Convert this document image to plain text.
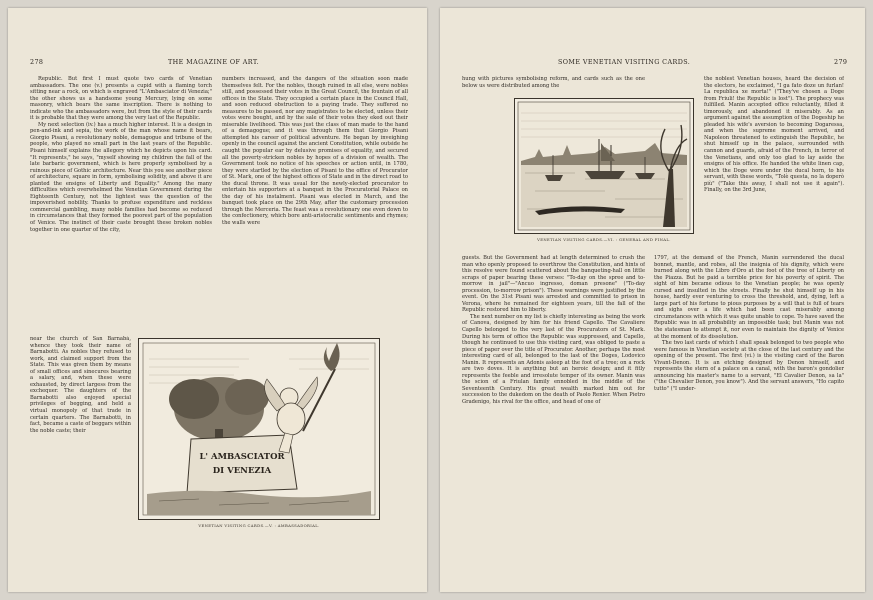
278	THE MAGAZINE OF ART.

Republic. But first I must quote two cards of Venetian ambassadors. The one (v.) presents a cupid with a flaming torch sitting near a rock, on which is engraved "L'Ambasciator di Venezia;" the other shows us a handsome young Mercury, lying on some masonry, which bears the same inscription. There is nothing to indicate who the ambassadors were, but from the style of their cards it is probable that they were among the very last of the Republic.

My next selection (iv.) has a much higher interest. It is a design in pen-and-ink and sepia, the work of the man whose name it bears, Giorgio Pisani, a revolutionary noble, demagogue and tribune of the people, who played no small part in the last years of the Republic. Pisani himself explains the allegory which he depicts upon his card. "It represents," he says, "myself showing my children the fall of the late barbaric government, which is here properly symbolised by a ruinous piece of Gothic architecture. Near this you see another piece of architecture, square in form, symbolising solidity, and above it are planted the ensigns of Liberty and Equality." Among the many difficulties which overwhelmed the Venetian Government during the Eighteenth Century, not the lightest was the question of the impoverished nobility. Thanks to profuse expenditure and reckless commercial gambling, many noble families had become so reduced in circumstances that they formed the poorest part of the population of Venice. The instinct of their caste brought these broken nobles together in one quarter of the city,

near the church of San Barnabà, whence they took their name of Barnabotti. As nobles they refused to work, and claimed support from the State. This was given them by means of small offices and sinecures bearing a salary, and, when these were exhausted, by direct largess from the exchequer. The daughters of the Barnabotti also enjoyed special privileges of begging, and held a virtual monopoly of that trade in certain quarters. The Barnabotti, in fact, became a caste of beggars within the noble caste; their

numbers increased, and the dangers of the situation soon made themselves felt. For the nobles, though ruined in all else, were nobles still, and possessed their votes in the Great Council, the fountain of all offices in the State. They occupied a certain place in the Council Hall, and soon reduced obstruction to a paying trade. They suffered no measures to be passed, nor any magistrates to be elected, unless their votes were bought, and by the sale of their votes they eked out their miserable livelihood. This was just the class of man made to the hand of a demagogue; and it was through them that Giorgio Pisani attempted his career of political adventure. He began by inveighing openly in the council against the ancient Constitution, while outside he caught the popular ear by delusive promises of equality, and secured all the poverty-stricken nobles by hopes of a division of wealth. The Government took no notice of his speeches or action until, in 1780, they were startled by the election of Pisani to the office of Procurator of St. Mark, one of the highest offices of State and in the direct road to the ducal throne. It was usual for the newly-elected procurator to entertain his supporters at a banquet in the Procuratorial Palace on the day of his instalment. Pisani was elected in March, and the banquet took place on the 29th May, after the customary procession through the Merceria. The feast was a revolutionary one even down to the confectionery, which bore anti-aristocratic sentiments and rhymes; the walls were

L' AMBASCIATOR
DI VENEZIA
VENETIAN VISITING CARDS.—V. : AMBASSADORIAL.
SOME VENETIAN VISITING CARDS.	279

hung with pictures symbolising reform, and cards such as the one below us were distributed among the

VENETIAN VISITING CARDS.—VI. : GENERAL AND FINAL.

guests. But the Government had at length determined to crush the man who openly proposed to overthrow the Constitution, and hints of this resolve were found scattered about the banqueting-hall on little scraps of paper bearing these verses: "To-day on the spree and to-morrow in jail"—"Ancuo ingresso, doman presone" ("To-day procession, to-morrow prison"). These warnings were justified by the event. On the 31st Pisani was arrested and committed to prison in Verona, where he remained for eighteen years, till the fall of the Republic restored him to liberty.

The next number on my list is chiefly interesting as being the work of Canova, designed by him for his friend Capello. The Cavaliere Capello belonged to the very last of the Procurators of St. Mark. During his term of office the Republic was suppressed, and Capello, though he continued to use this visiting card, was obliged to paste a piece of paper over the title of Procurator. Another, perhaps the most interesting card of all, belonged to the last of the Doges, Lodovico Manin. It represents an Adonis asleep at the foot of a tree; on a rock are two doves. It is anything but an heroic design; and it fitly represents the feeble and irresolute temper of its owner. Manin was the scion of a Friulan family ennobled in the middle of the Seventeenth Century. His great wealth marked him out for succession to the dukedom on the death of Paolo Renier. When Pietro Gradenigo, his rival for the office, and head of one of

the noblest Venetian houses, heard the decision of the electors, he exclaimed, "I ga fato doze un furlan! La republica xe morta!" ("They've chosen a Doge from Friuli! the Republic is lost"). The prophecy was fulfilled. Manin accepted office reluctantly, filled it timorously, and abandoned it miserably. As an argument against the assumption of the Dogeship he pleaded his wife's aversion to becoming Dogaressa, and when the supreme moment arrived, and Napoleon threatened to extinguish the Republic, he shut himself up in the palace, surrounded with cannon and guards, afraid of the French, in terror of the Venetians, and only too glad to lay aside the ensigns of his office. He handed the white linen cap, which the Doge wore under the ducal horn, to his servant, with these words, "Tolè questa, no la doperò più" ("Take this away, I shall not use it again"). Finally, on the 3rd June,

1797, at the demand of the French, Manin surrendered the ducal bonnet, mantle, and robes, all the insignia of his dignity, which were burned along with the Libro d'Oro at the foot of the tree of Liberty on the Piazza. But he paid a terrible price for his poverty of spirit. The sight of him became odious to the Venetian people; he was openly cursed and insulted in the streets. Finally he shut himself up in his house, hardly ever venturing to cross the threshold, and, dying, left a large part of his fortune to pious purposes by a will that is full of tears and sighs over a life which had been cast miserably among circumstances with which it was quite unable to cope. To have saved the Republic was in all probability an impossible task; but Manin was not the statesman to attempt it, nor even to maintain the dignity of Venice at the moment of its dissolution.

The two last cards of which I shall speak belonged to two people who were famous in Venetian society at the close of the last century and the opening of the present. The first (vi.) is the visiting card of the Baron Vivant-Denon. It is an etching designed by Denon himself, and represents the stern of a palace on a canal, with the baron's gondolier announcing his master's name to a servant, "El Cavalier Denon, sa la" ("the Chevalier Denon, you know"). And the servant answers, "Ho capito tutto" ("I under-
